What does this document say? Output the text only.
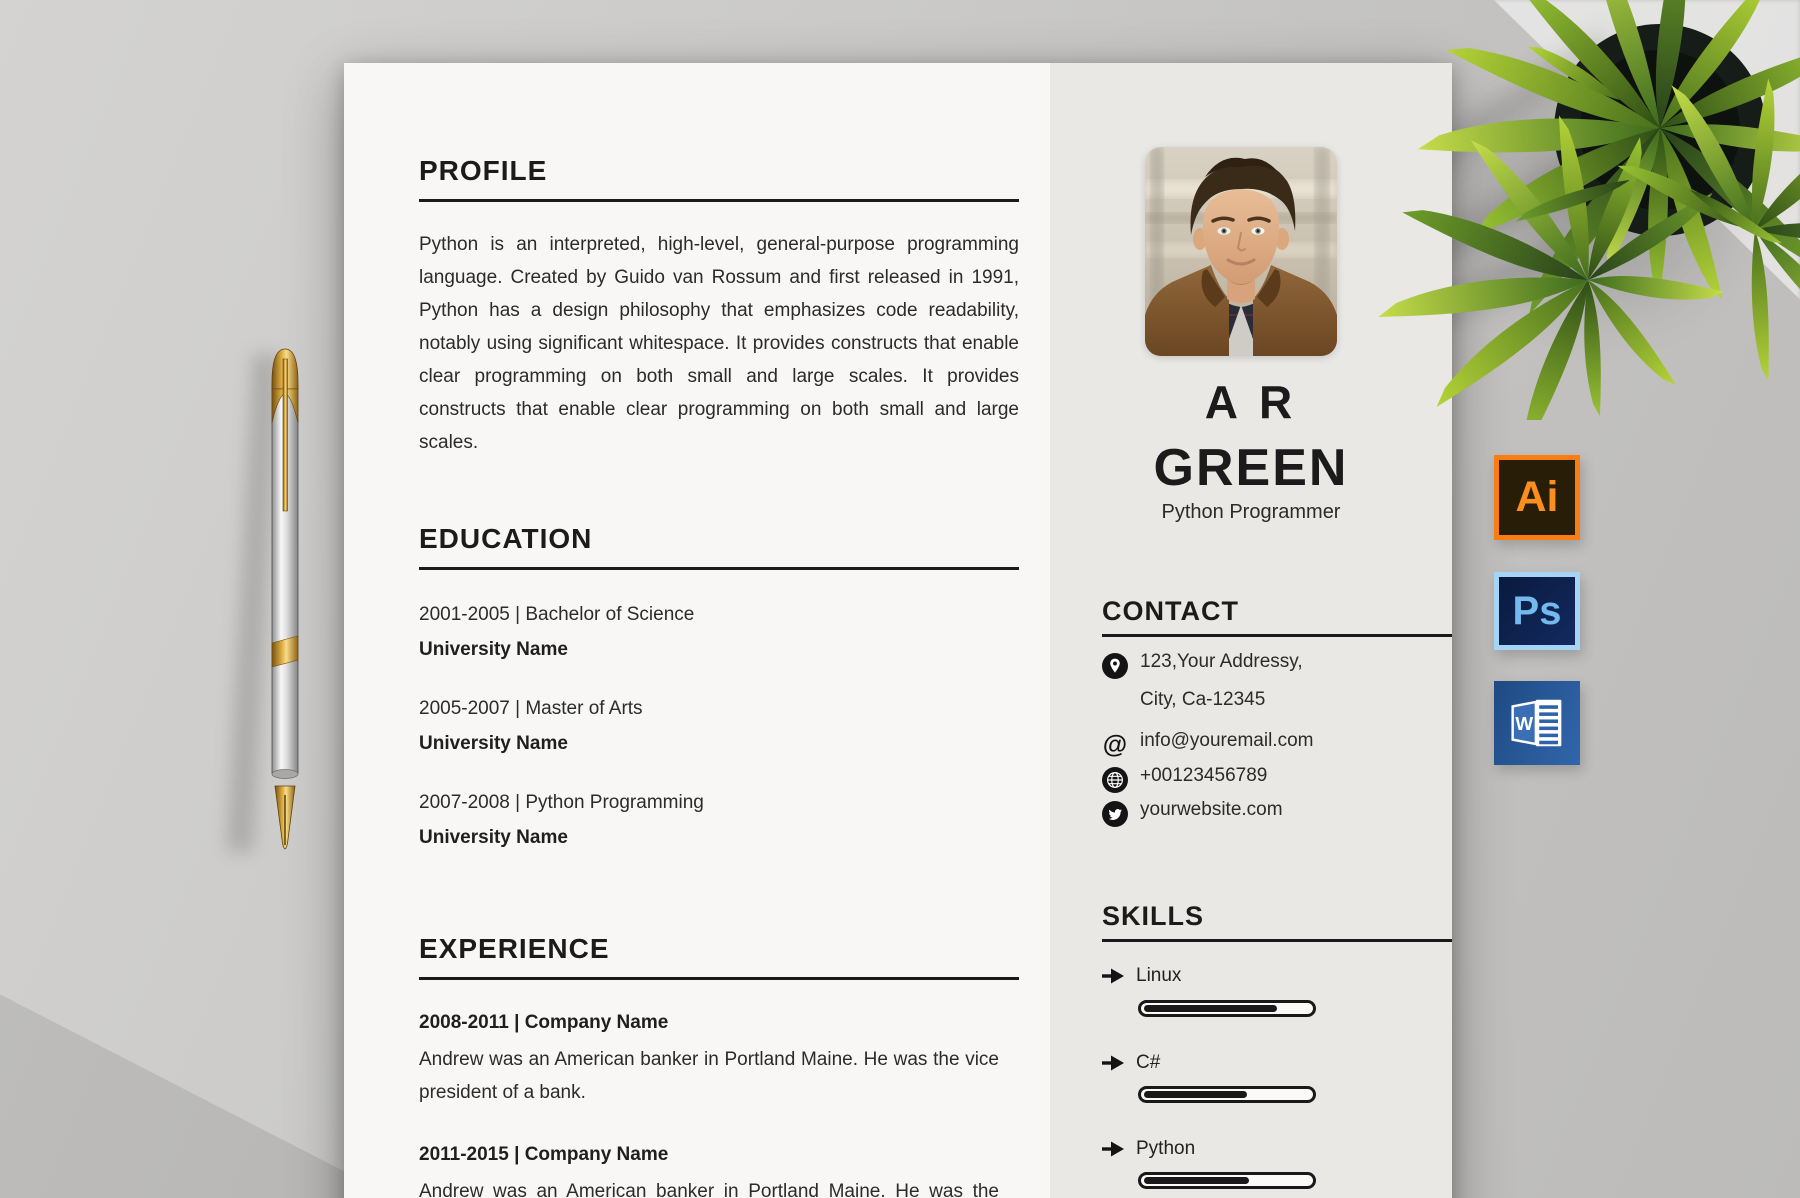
PROFILE

Python is an interpreted, high-level, general-purpose programming language. Created by Guido van Rossum and first released in 1991, Python has a design philosophy that emphasizes code readability, notably using significant whitespace. It provides constructs that enable clear programming on both small and large scales. It provides constructs that enable clear programming on both small and large scales.

EDUCATION
2001-2005 | Bachelor of Science
University Name
2005-2007 | Master of Arts
University Name
2007-2008 | Python Programming
University Name
EXPERIENCE
2008-2011 | Company Name

Andrew was an American banker in Portland Maine. He was the vice president of a bank.

2011-2015 | Company Name

Andrew was an American banker in Portland Maine. He was the

A R
GREEN
Python Programmer
CONTACT
123,Your Addressy,
City, Ca-12345
@ info@youremail.com
+00123456789
yourwebsite.com
SKILLS
Linux
C#
Python
Ai
Ps
W
